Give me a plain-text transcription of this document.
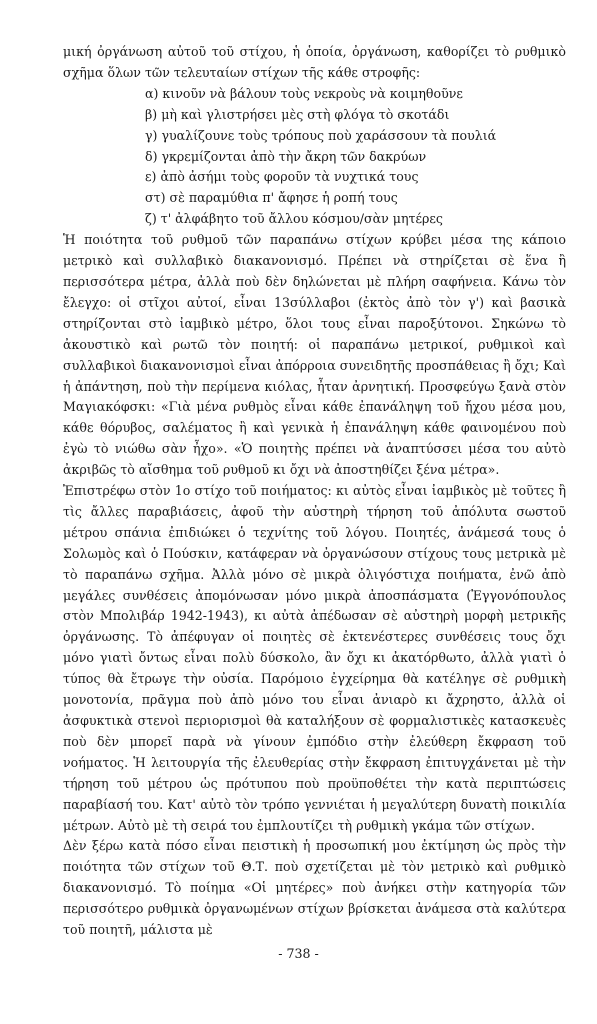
μική ὀργάνωση αὐτοῦ τοῦ στίχου, ἡ ὁποία, ὀργάνωση, καθορίζει τὸ ρυθμικὸ σχῆμα ὅλων τῶν τελευταίων στίχων τῆς κάθε στροφῆς:

α) κινοῦν νὰ βάλουν τοὺς νεκροὺς νὰ κοιμηθοῦνε
β) μὴ καὶ γλιστρήσει μὲς στὴ φλόγα τὸ σκοτάδι
γ) γυαλίζουνε τοὺς τρόπους ποὺ χαράσσουν τὰ πουλιά
δ) γκρεμίζονται ἀπὸ τὴν ἄκρη τῶν δακρύων
ε) ἀπὸ ἀσήμι τοὺς φοροῦν τὰ νυχτικά τους
στ) σὲ παραμύθια π' ἄφησε ἡ ροπή τους
ζ) τ' ἀλφάβητο τοῦ ἄλλου κόσμου/σὰν μητέρες

Ἡ ποιότητα τοῦ ρυθμοῦ τῶν παραπάνω στίχων κρύβει μέσα της κάποιο μετρικὸ καὶ συλλαβικὸ διακανονισμό. Πρέπει νὰ στηρίζεται σὲ ἕνα ἢ περισσότερα μέτρα, ἀλλὰ ποὺ δὲν δηλώνεται μὲ πλήρη σαφήνεια. Κάνω τὸν ἔλεγχο: οἱ στῖχοι αὐτοί, εἶναι 13σύλλαβοι (ἐκτὸς ἀπὸ τὸν γ') καὶ βασικὰ στηρίζονται στὸ ἰαμβικὸ μέτρο, ὅλοι τους εἶναι παροξύτονοι. Σηκώνω τὸ ἀκουστικὸ καὶ ρωτῶ τὸν ποιητή: οἱ παραπάνω μετρικοί, ρυθμικοὶ καὶ συλλαβικοὶ διακανονισμοὶ εἶναι ἀπόρροια συνειδητῆς προσπάθειας ἢ ὄχι; Καὶ ἡ ἀπάντηση, ποὺ τὴν περίμενα κιόλας, ἦταν ἀρνητική. Προσφεύγω ξανὰ στὸν Μαγιακόφσκι: «Γιὰ μένα ρυθμὸς εἶναι κάθε ἐπανάληψη τοῦ ἤχου μέσα μου, κάθε θόρυβος, σαλέματος ἢ καὶ γενικὰ ἡ ἐπανάληψη κάθε φαινομένου ποὺ ἐγὼ τὸ νιώθω σὰν ἦχο». «Ὁ ποιητὴς πρέπει νὰ ἀναπτύσσει μέσα του αὐτὸ ἀκριβῶς τὸ αἴσθημα τοῦ ρυθμοῦ κι ὄχι νὰ ἀποστηθίζει ξένα μέτρα».

Ἐπιστρέφω στὸν 1ο στίχο τοῦ ποιήματος: κι αὐτὸς εἶναι ἰαμβικὸς μὲ τοῦτες ἢ τὶς ἄλλες παραβιάσεις, ἀφοῦ τὴν αὐστηρὴ τήρηση τοῦ ἀπόλυτα σωστοῦ μέτρου σπάνια ἐπιδιώκει ὁ τεχνίτης τοῦ λόγου. Ποιητές, ἀνάμεσά τους ὁ Σολωμὸς καὶ ὁ Πούσκιν, κατάφεραν νὰ ὀργανώσουν στίχους τους μετρικὰ μὲ τὸ παραπάνω σχῆμα. Ἀλλὰ μόνο σὲ μικρὰ ὀλιγόστιχα ποιήματα, ἐνῶ ἀπὸ μεγάλες συνθέσεις ἀπομόνωσαν μόνο μικρὰ ἀποσπάσματα (Ἐγγονόπουλος στὸν Μπολιβάρ 1942-1943), κι αὐτὰ ἀπέδωσαν σὲ αὐστηρὴ μορφὴ μετρικῆς ὀργάνωσης. Τὸ ἀπέφυγαν οἱ ποιητὲς σὲ ἐκτενέστερες συνθέσεις τους ὄχι μόνο γιατὶ ὄντως εἶναι πολὺ δύσκολο, ἂν ὄχι κι ἀκατόρθωτο, ἀλλὰ γιατὶ ὁ τύπος θὰ ἔτρωγε τὴν οὐσία. Παρόμοιο ἐγχείρημα θὰ κατέληγε σὲ ρυθμικὴ μονοτονία, πρᾶγμα ποὺ ἀπὸ μόνο του εἶναι ἀνιαρὸ κι ἄχρηστο, ἀλλὰ οἱ ἀσφυκτικὰ στενοὶ περιορισμοὶ θὰ καταλήξουν σὲ φορμαλιστικὲς κατασκευὲς ποὺ δὲν μπορεῖ παρὰ νὰ γίνουν ἐμπόδιο στὴν ἐλεύθερη ἔκφραση τοῦ νοήματος. Ἡ λειτουργία τῆς ἐλευθερίας στὴν ἔκφραση ἐπιτυγχάνεται μὲ τὴν τήρηση τοῦ μέτρου ὡς πρότυπου ποὺ προϋποθέτει τὴν κατὰ περιπτώσεις παραβίασή του. Κατ' αὐτὸ τὸν τρόπο γεννιέται ἡ μεγαλύτερη δυνατὴ ποικιλία μέτρων. Αὐτὸ μὲ τὴ σειρά του ἐμπλουτίζει τὴ ρυθμικὴ γκάμα τῶν στίχων.

Δὲν ξέρω κατὰ πόσο εἶναι πειστικὴ ἡ προσωπική μου ἐκτίμηση ὡς πρὸς τὴν ποιότητα τῶν στίχων τοῦ Θ.Τ. ποὺ σχετίζεται μὲ τὸν μετρικὸ καὶ ρυθμικὸ διακανονισμό. Τὸ ποίημα «Οἱ μητέρες» ποὺ ἀνήκει στὴν κατηγορία τῶν περισσότερο ρυθμικὰ ὀργανωμένων στίχων βρίσκεται ἀνάμεσα στὰ καλύτερα τοῦ ποιητῆ, μάλιστα μὲ

- 738 -
